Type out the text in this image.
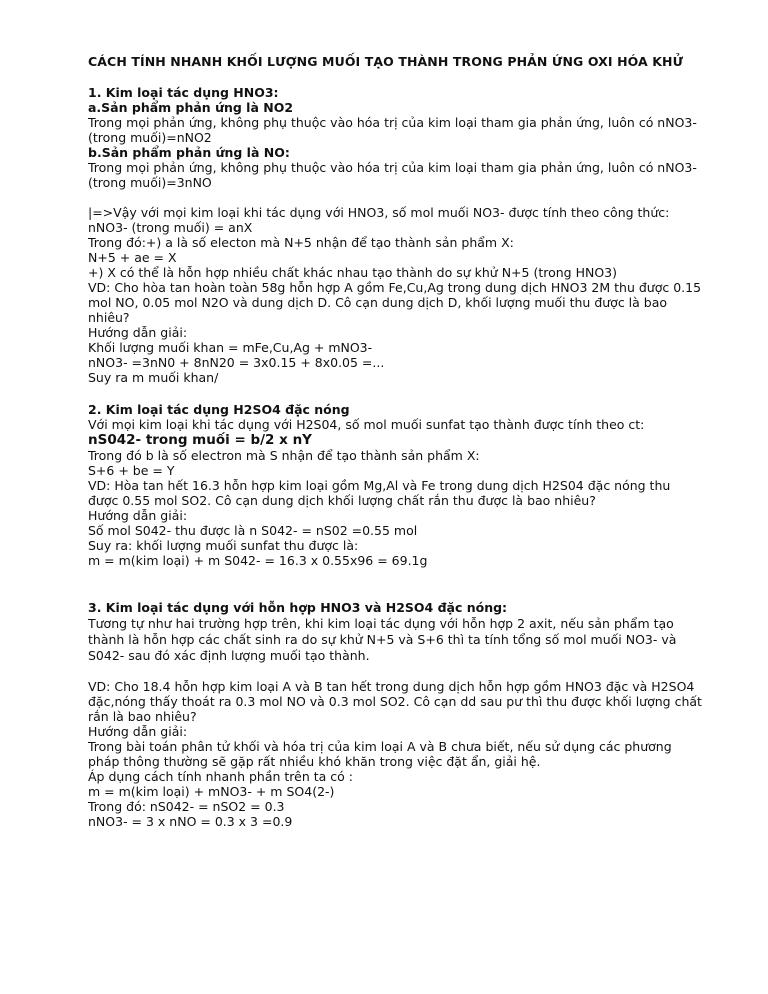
CÁCH TÍNH NHANH KHỐI LƯỢNG MUỐI TẠO THÀNH TRONG PHẢN ỨNG OXI HÓA KHỬ

1. Kim loại tác dụng HNO3:

a.Sản phẩm phản ứng là NO2

Trong mọi phản ứng, không phụ thuộc vào hóa trị của kim loại tham gia phản ứng, luôn có nNO3-

(trong muối)=nNO2

b.Sản phẩm phản ứng là NO:

Trong mọi phản ứng, không phụ thuộc vào hóa trị của kim loại tham gia phản ứng, luôn có nNO3-

(trong muối)=3nNO

|=>Vậy với mọi kim loại khi tác dụng với HNO3, số mol muối NO3- được tính theo công thức:

nNO3- (trong muối) = anX

Trong đó:+) a là số electon mà N+5 nhận để tạo thành sản phẩm X:

N+5 + ae = X

+) X có thể là hỗn hợp nhiều chất khác nhau tạo thành do sự khử N+5 (trong HNO3)

VD: Cho hòa tan hoàn toàn 58g hỗn hợp A gồm Fe,Cu,Ag trong dung dịch HNO3 2M thu được 0.15

mol NO, 0.05 mol N2O và dung dịch D. Cô cạn dung dịch D, khối lượng muối thu được là bao

nhiêu?

Hướng dẫn giải:

Khối lượng muối khan = mFe,Cu,Ag + mNO3-

nNO3- =3nN0 + 8nN20 = 3x0.15 + 8x0.05 =...

Suy ra m muối khan/

2. Kim loại tác dụng H2SO4 đặc nóng

Với mọi kim loại khi tác dụng với H2S04, số mol muối sunfat tạo thành được tính theo ct:

nS042- trong muối = b/2 x nY

Trong đó b là số electron mà S nhận để tạo thành sản phẩm X:

S+6 + be = Y

VD: Hòa tan hết 16.3 hỗn hợp kim loại gồm Mg,Al và Fe trong dung dịch H2S04 đặc nóng thu

được 0.55 mol SO2. Cô cạn dung dịch khối lượng chất rắn thu được là bao nhiêu?

Hướng dẫn giải:

Số mol S042- thu được là n S042- = nS02 =0.55 mol

Suy ra: khối lượng muối sunfat thu được là:

m = m(kim loại) + m S042- = 16.3 x 0.55x96 = 69.1g

3. Kim loại tác dụng với hỗn hợp HNO3 và H2SO4 đặc nóng:

Tương tự như hai trường hợp trên, khi kim loại tác dụng với hỗn hợp 2 axit, nếu sản phẩm tạo

thành là hỗn hợp các chất sinh ra do sự khử N+5 và S+6 thì ta tính tổng số mol muối NO3- và

S042- sau đó xác định lượng muối tạo thành.

VD: Cho 18.4 hỗn hợp kim loại A và B tan hết trong dung dịch hỗn hợp gồm HNO3 đặc và H2SO4

đặc,nóng thấy thoát ra 0.3 mol NO và 0.3 mol SO2. Cô cạn dd sau pư thì thu được khối lượng chất

rắn là bao nhiêu?

Hướng dẫn giải:

Trong bài toán phân tử khối và hóa trị của kim loại A và B chưa biết, nếu sử dụng các phương

pháp thông thường sẽ gặp rất nhiều khó khăn trong việc đặt ẩn, giải hệ.

Áp dụng cách tính nhanh phần trên ta có :

m = m(kim loại) + mNO3- + m SO4(2-)

Trong đó: nS042- = nSO2 = 0.3

nNO3- = 3 x nNO = 0.3 x 3 =0.9
